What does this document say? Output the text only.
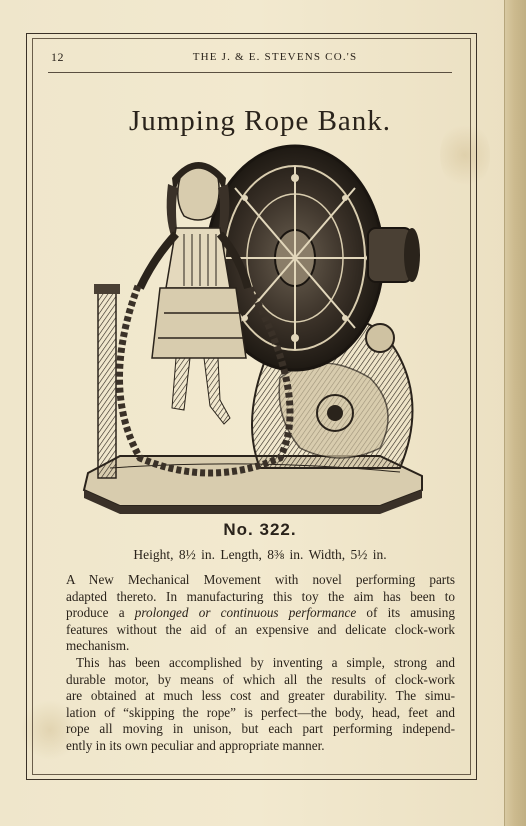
12	THE J. & E. STEVENS CO.'S
Jumping Rope Bank.
No. 322.
Height, 8½ in. Length, 8⅜ in. Width, 5½ in.

A New Mechanical Movement with novel performing parts
adapted thereto. In manufacturing this toy the aim has been to
produce a prolonged or continuous performance of its amusing
features without the aid of an expensive and delicate clock-work
mechanism.

This has been accomplished by inventing a simple, strong and
durable motor, by means of which all the results of clock-work
are obtained at much less cost and greater durability. The simu-
lation of “skipping the rope” is perfect—the body, head, feet and
rope all moving in unison, but each part performing independ-
ently in its own peculiar and appropriate manner.
